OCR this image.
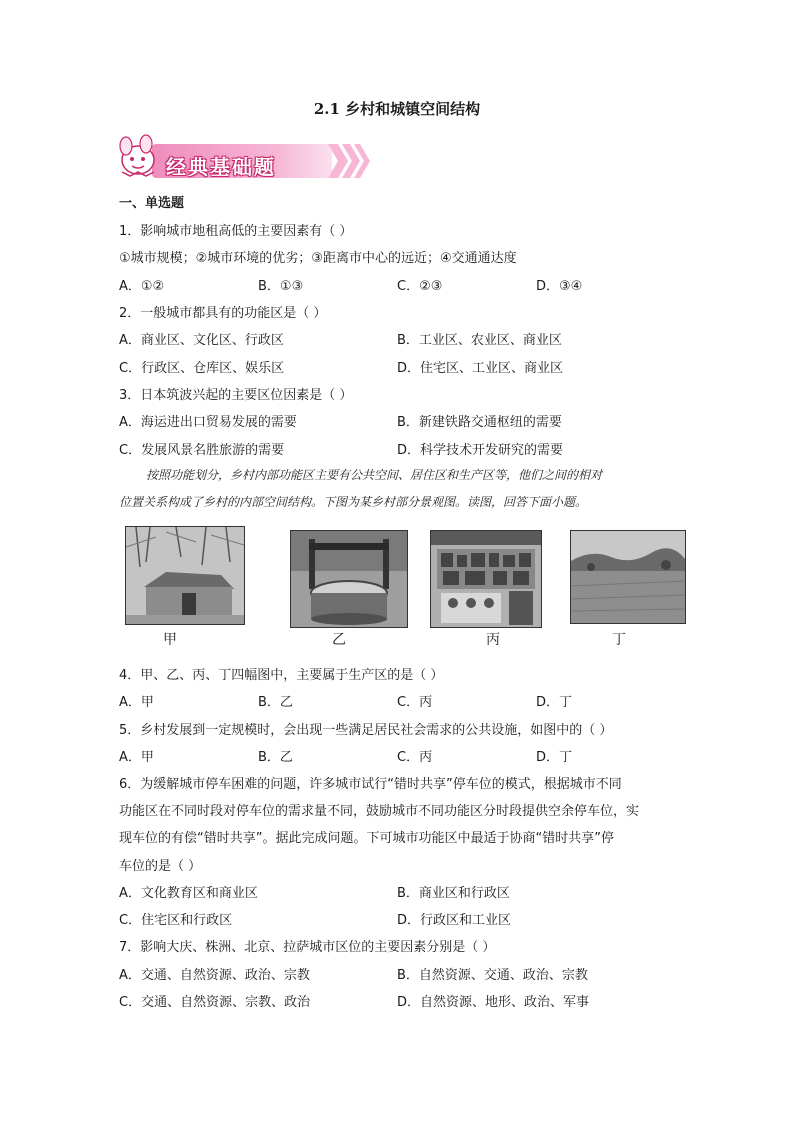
2.1 乡村和城镇空间结构
经典基础题
一、单选题
1．影响城市地租高低的主要因素有（ ）
①城市规模；②城市环境的优劣；③距离市中心的远近；④交通通达度
A．①②	B．①③	C．②③	D．③④
2．一般城市都具有的功能区是（ ）
A．商业区、文化区、行政区	B．工业区、农业区、商业区
C．行政区、仓库区、娱乐区	D．住宅区、工业区、商业区
3．日本筑波兴起的主要区位因素是（ ）
A．海运进出口贸易发展的需要	B．新建铁路交通枢纽的需要
C．发展风景名胜旅游的需要	D．科学技术开发研究的需要
按照功能划分，乡村内部功能区主要有公共空间、居住区和生产区等，他们之间的相对
位置关系构成了乡村的内部空间结构。下图为某乡村部分景观图。读图，回答下面小题。
甲	乙	丙	丁
4．甲、乙、丙、丁四幅图中，主要属于生产区的是（ ）
A．甲	B．乙	C．丙	D．丁
5．乡村发展到一定规模时，会出现一些满足居民社会需求的公共设施，如图中的（ ）
A．甲	B．乙	C．丙	D．丁
6．为缓解城市停车困难的问题，许多城市试行“错时共享”停车位的模式，根据城市不同
功能区在不同时段对停车位的需求量不同，鼓励城市不同功能区分时段提供空余停车位，实
现车位的有偿“错时共享”。据此完成问题。下可城市功能区中最适于协商“错时共享”停
车位的是（ ）
A．文化教育区和商业区	B．商业区和行政区
C．住宅区和行政区	D．行政区和工业区
7．影响大庆、株洲、北京、拉萨城市区位的主要因素分别是（ ）
A．交通、自然资源、政治、宗教	B．自然资源、交通、政治、宗教
C．交通、自然资源、宗教、政治	D．自然资源、地形、政治、军事
